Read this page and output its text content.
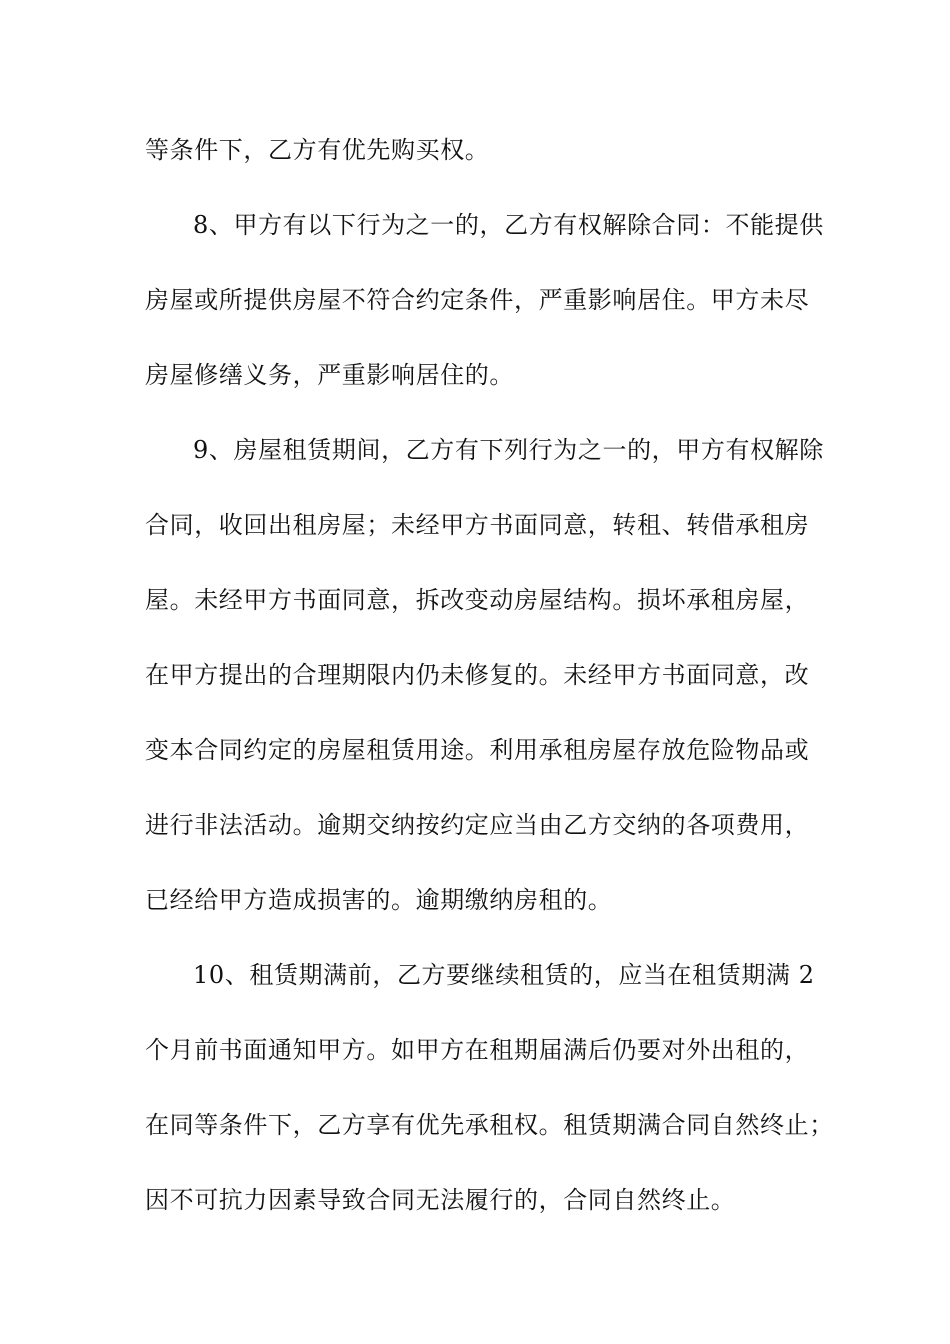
等条件下，乙方有优先购买权。

8、甲方有以下行为之一的，乙方有权解除合同：不能提供

房屋或所提供房屋不符合约定条件，严重影响居住。甲方未尽

房屋修缮义务，严重影响居住的。

9、房屋租赁期间，乙方有下列行为之一的，甲方有权解除

合同，收回出租房屋；未经甲方书面同意，转租、转借承租房

屋。未经甲方书面同意，拆改变动房屋结构。损坏承租房屋，

在甲方提出的合理期限内仍未修复的。未经甲方书面同意，改

变本合同约定的房屋租赁用途。利用承租房屋存放危险物品或

进行非法活动。逾期交纳按约定应当由乙方交纳的各项费用，

已经给甲方造成损害的。逾期缴纳房租的。

10、租赁期满前，乙方要继续租赁的，应当在租赁期满 2

个月前书面通知甲方。如甲方在租期届满后仍要对外出租的，

在同等条件下，乙方享有优先承租权。租赁期满合同自然终止；

因不可抗力因素导致合同无法履行的，合同自然终止。
